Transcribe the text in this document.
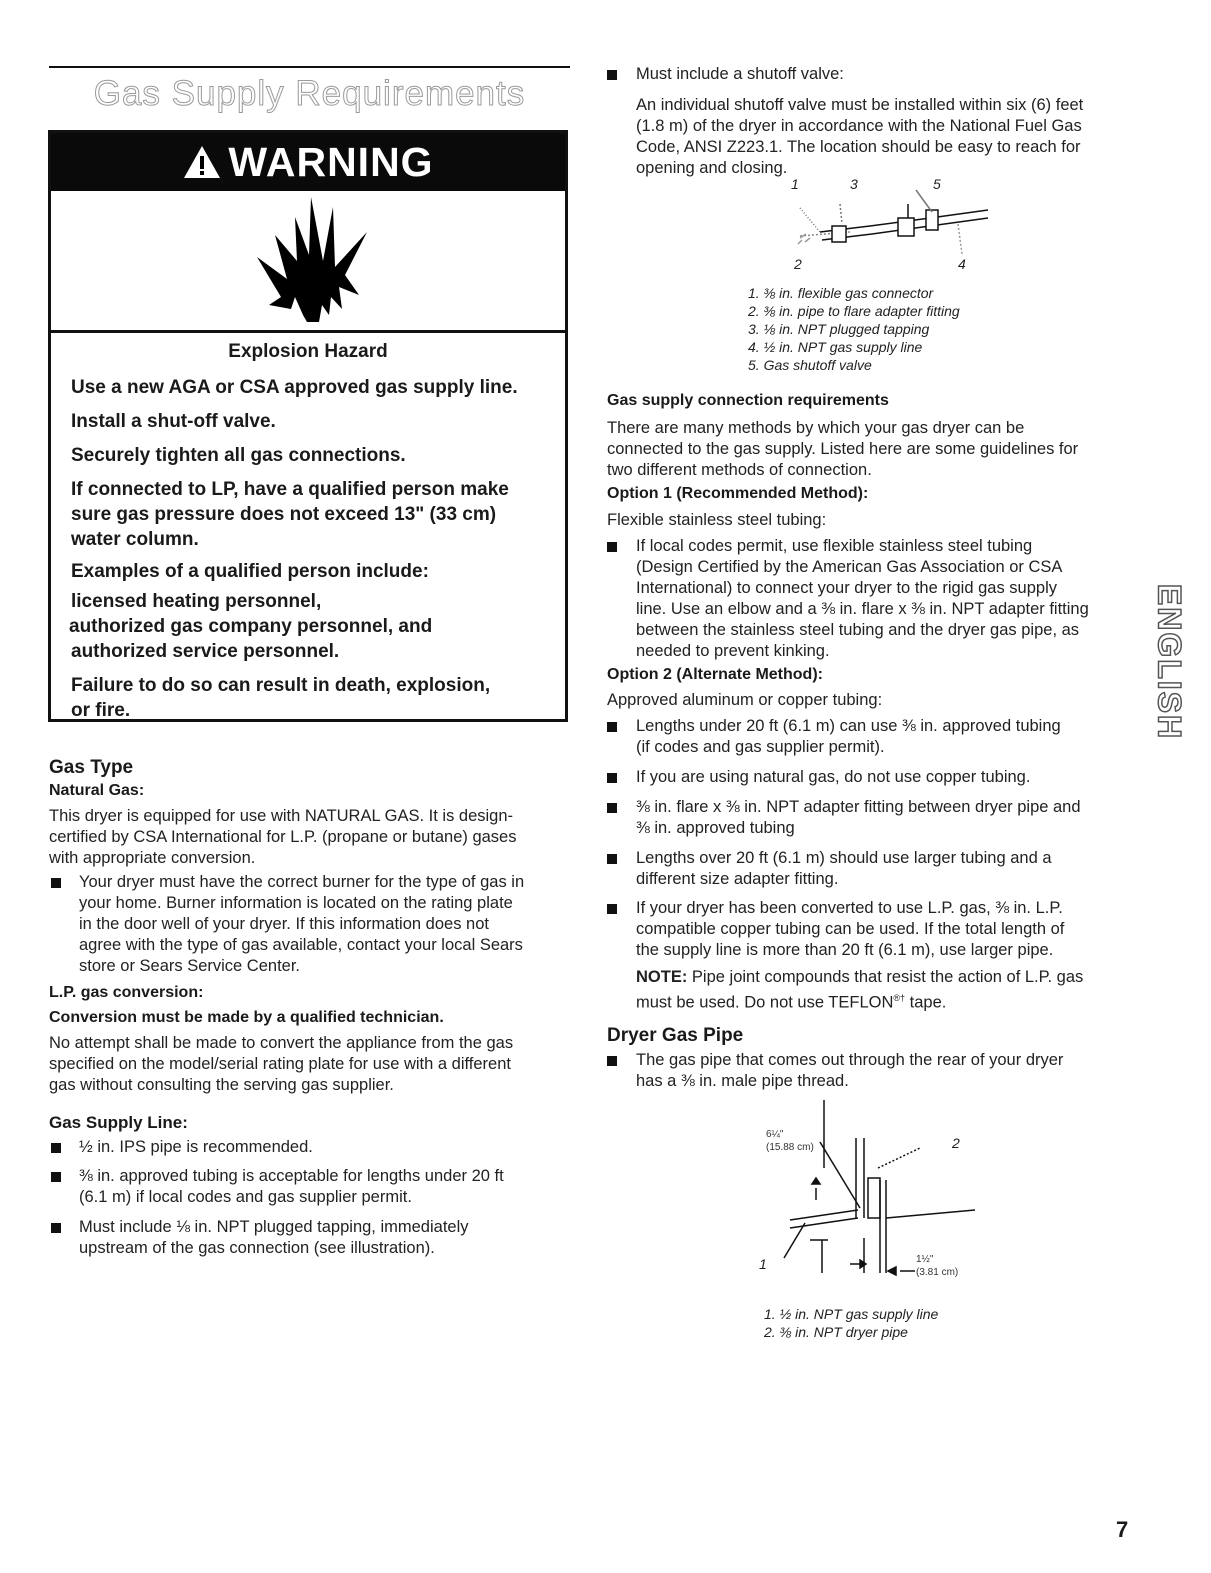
Gas Supply Requirements
WARNING
Explosion Hazard
Use a new AGA or CSA approved gas supply line.
Install a shut-off valve.
Securely tighten all gas connections.
If connected to LP, have a qualified person make
sure gas pressure does not exceed 13" (33 cm)
water column.
Examples of a qualified person include:
licensed heating personnel,
authorized gas company personnel, and
authorized service personnel.
Failure to do so can result in death, explosion,
or fire.
Gas Type
Natural Gas:
This dryer is equipped for use with NATURAL GAS. It is design-
certified by CSA International for L.P. (propane or butane) gases
with appropriate conversion.
Your dryer must have the correct burner for the type of gas in
your home. Burner information is located on the rating plate
in the door well of your dryer. If this information does not
agree with the type of gas available, contact your local Sears
store or Sears Service Center.
L.P. gas conversion:
Conversion must be made by a qualified technician.
No attempt shall be made to convert the appliance from the gas
specified on the model/serial rating plate for use with a different
gas without consulting the serving gas supplier.
Gas Supply Line:
½ in. IPS pipe is recommended.
⅜ in. approved tubing is acceptable for lengths under 20 ft
(6.1 m) if local codes and gas supplier permit.
Must include ⅛ in. NPT plugged tapping, immediately
upstream of the gas connection (see illustration).
Must include a shutoff valve:
An individual shutoff valve must be installed within six (6) feet
(1.8 m) of the dryer in accordance with the National Fuel Gas
Code, ANSI Z223.1. The location should be easy to reach for
opening and closing.
1
2
3
4
5
1. ⅜ in. flexible gas connector
2. ⅜ in. pipe to flare adapter fitting
3. ⅛ in. NPT plugged tapping
4. ½ in. NPT gas supply line
5. Gas shutoff valve
Gas supply connection requirements
There are many methods by which your gas dryer can be
connected to the gas supply. Listed here are some guidelines for
two different methods of connection.
Option 1 (Recommended Method):
Flexible stainless steel tubing:
If local codes permit, use flexible stainless steel tubing
(Design Certified by the American Gas Association or CSA
International) to connect your dryer to the rigid gas supply
line. Use an elbow and a ⅜ in. flare x ⅜ in. NPT adapter fitting
between the stainless steel tubing and the dryer gas pipe, as
needed to prevent kinking.
Option 2 (Alternate Method):
Approved aluminum or copper tubing:
Lengths under 20 ft (6.1 m) can use ⅜ in. approved tubing
(if codes and gas supplier permit).
If you are using natural gas, do not use copper tubing.
⅜ in. flare x ⅜ in. NPT adapter fitting between dryer pipe and
⅜ in. approved tubing
Lengths over 20 ft (6.1 m) should use larger tubing and a
different size adapter fitting.
If your dryer has been converted to use L.P. gas, ⅜ in. L.P.
compatible copper tubing can be used. If the total length of
the supply line is more than 20 ft (6.1 m), use larger pipe.
NOTE: Pipe joint compounds that resist the action of L.P. gas
must be used. Do not use TEFLON®† tape.
Dryer Gas Pipe
The gas pipe that comes out through the rear of your dryer
has a ⅜ in. male pipe thread.
6¼"
(15.88 cm)
1½"
(3.81 cm)
1
2
1. ½ in. NPT gas supply line
2. ⅜ in. NPT dryer pipe
ENGLISH
7
